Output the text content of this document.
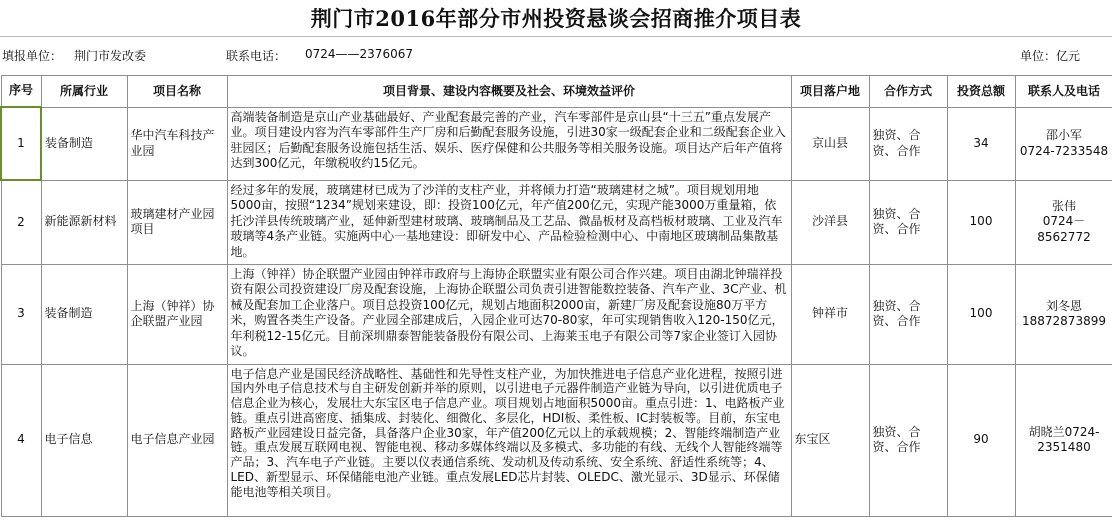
荆门市2016年部分市州投资悬谈会招商推介项目表
填报单位： 荆门市发改委	联系电话： 0724——2376067	单位：亿元
序号	所属行业	项目名称	项目背景、建设内容概要及社会、环境效益评价	项目落户地	合作方式	投资总额	联系人及电话
1	装备制造	华中汽车科技产业园	高端装备制造是京山产业基础最好、产业配套最完善的产业，汽车零部件是京山县“十三五”重点发展产业。项目建设内容为汽车零部件生产厂房和后勤配套服务设施，引进30家一级配套企业和二级配套企业入驻园区；后勤配套服务设施包括生活、娱乐、医疗保健和公共服务等相关服务设施。项目达产后年产值将达到300亿元，年缴税收约15亿元。	京山县	独资、合资、合作	34	邵小军
0724-7233548

2	新能源新材料	玻璃建材产业园项目	经过多年的发展，玻璃建材已成为了沙洋的支柱产业，并将倾力打造“玻璃建材之城”。项目规划用地5000亩，按照“1234”规划来建设，即：投资100亿元，年产值200亿元，实现产能3000万重量箱，依托沙洋县传统玻璃产业，延伸新型建材玻璃、玻璃制品及工艺品、微晶板材及高档板材玻璃、工业及汽车玻璃等4条产业链。实施两中心一基地建设：即研发中心、产品检验检测中心、中南地区玻璃制品集散基地。	沙洋县	独资、合资、合作	100	张伟
0724－8562772

3	装备制造	上海（钟祥）协企联盟产业园	上海（钟祥）协企联盟产业园由钟祥市政府与上海协企联盟实业有限公司合作兴建。项目由湖北钟瑞祥投资有限公司投资建设厂房及配套设施，上海协企联盟公司负责引进智能数控装备、汽车产业、3C产业、机械及配套加工企业落户。项目总投资100亿元，规划占地面积2000亩，新建厂房及配套设施80万平方米，购置各类生产设备。产业园全部建成后，入园企业可达70-80家，年可实现销售收入120-150亿元，年利税12-15亿元。目前深圳鼎泰智能装备股份有限公司、上海莱玉电子有限公司等7家企业签订入园协议。	钟祥市	独资、合资、合作	100	刘冬恩
18872873899

4	电子信息	电子信息产业园	电子信息产业是国民经济战略性、基础性和先导性支柱产业，为加快推进电子信息产业化进程，按照引进国内外电子信息技术与自主研发创新并举的原则，以引进电子元器件制造产业链为导向，以引进优质电子信息企业为核心，发展壮大东宝区电子信息产业。项目规划占地面积5000亩。重点引进：1、电路板产业链。重点引进高密度、插集成、封装化、细微化、多层化，HDI板、柔性板、IC封装板等。目前，东宝电路板产业园建设日益完备，具备落户企业30家，年产值200亿元以上的承载规模；2、智能终端制造产业链。重点发展互联网电视、智能电视、移动多媒体终端以及多模式、多功能的有线、无线个人智能终端等产品；3、汽车电子产业链。主要以仪表通信系统、发动机及传动系统、安全系统、舒适性系统等；4、LED、新型显示、环保储能电池产业链。重点发展LED芯片封装、OLEDC、激光显示、3D显示、环保储能电池等相关项目。	东宝区	独资、合资、合作	90	胡晓兰0724-
2351480
